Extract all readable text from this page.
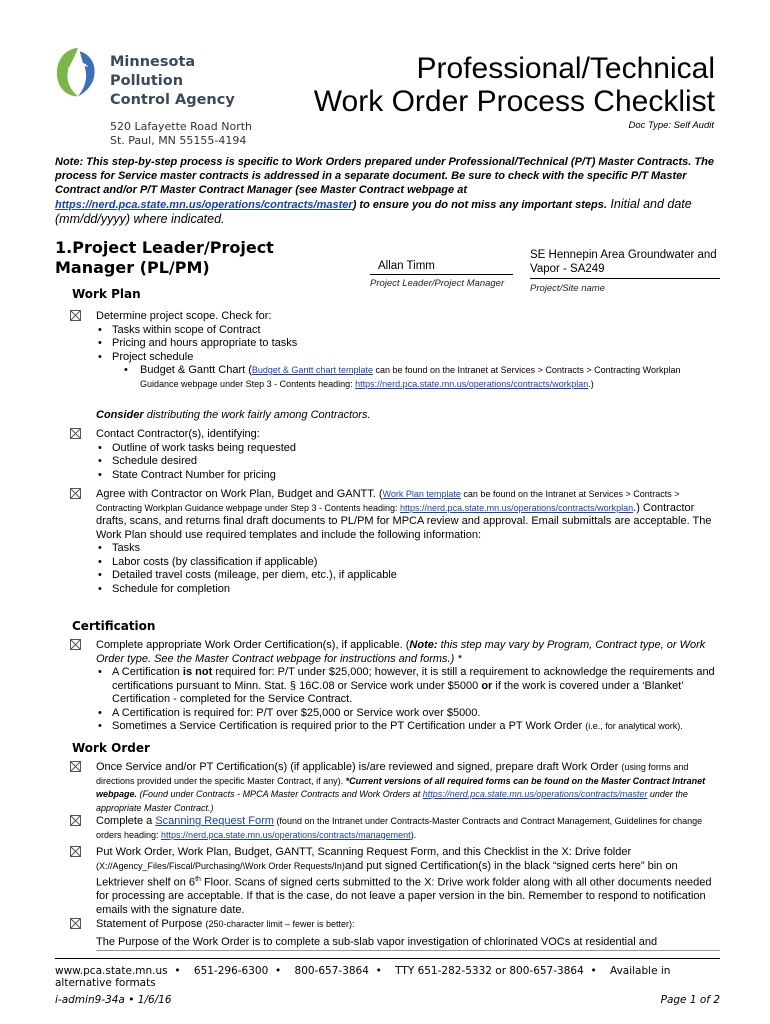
Minnesota Pollution
Control Agency
520 Lafayette Road North
St. Paul, MN 55155-4194
Professional/Technical
Work Order Process Checklist
Doc Type: Self Audit
Note: This step-by-step process is specific to Work Orders prepared under Professional/Technical (P/T) Master Contracts. The process for Service master contracts is addressed in a separate document. Be sure to check with the specific P/T Master Contract and/or P/T Master Contract Manager (see Master Contract webpage at https://nerd.pca.state.mn.us/operations/contracts/master) to ensure you do not miss any important steps. Initial and date (mm/dd/yyyy) where indicated.
1.Project Leader/Project Manager (PL/PM)	Allan Timm
Project Leader/Project Manager
SE Hennepin Area Groundwater and Vapor - SA249
Project/Site name
Work Plan
Determine project scope. Check for:
• Tasks within scope of Contract
• Pricing and hours appropriate to tasks
• Project schedule
• Budget & Gantt Chart (Budget & Gantt chart template can be found on the Intranet at Services > Contracts > Contracting Workplan Guidance webpage under Step 3 - Contents heading: https://nerd.pca.state.mn.us/operations/contracts/workplan.)
Consider distributing the work fairly among Contractors.
Contact Contractor(s), identifying:
• Outline of work tasks being requested
• Schedule desired
• State Contract Number for pricing
Agree with Contractor on Work Plan, Budget and GANTT. (Work Plan template can be found on the Intranet at Services > Contracts > Contracting Workplan Guidance webpage under Step 3 - Contents heading: https://nerd.pca.state.mn.us/operations/contracts/workplan.) Contractor drafts, scans, and returns final draft documents to PL/PM for MPCA review and approval. Email submittals are acceptable. The Work Plan should use required templates and include the following information:
• Tasks
• Labor costs (by classification if applicable)
• Detailed travel costs (mileage, per diem, etc.), if applicable
• Schedule for completion
Certification
Complete appropriate Work Order Certification(s), if applicable. (Note: this step may vary by Program, Contract type, or Work Order type. See the Master Contract webpage for instructions and forms.) *
• A Certification is not required for: P/T under $25,000; however, it is still a requirement to acknowledge the requirements and certifications pursuant to Minn. Stat. § 16C.08 or Service work under $5000 or if the work is covered under a ‘Blanket’ Certification - completed for the Service Contract.
• A Certification is required for: P/T over $25,000 or Service work over $5000.
• Sometimes a Service Certification is required prior to the PT Certification under a PT Work Order (i.e., for analytical work).
Work Order
Once Service and/or PT Certification(s) (if applicable) is/are reviewed and signed, prepare draft Work Order (using forms and directions provided under the specific Master Contract, if any). *Current versions of all required forms can be found on the Master Contract Intranet webpage. (Found under Contracts - MPCA Master Contracts and Work Orders at https://nerd.pca.state.mn.us/operations/contracts/master under the appropriate Master Contract.)
Complete a Scanning Request Form (found on the Intranet under Contracts-Master Contracts and Contract Management, Guidelines for change orders heading: https://nerd.pca.state.mn.us/operations/contracts/management).
Put Work Order, Work Plan, Budget, GANTT, Scanning Request Form, and this Checklist in the X: Drive folder (X://Agency_Files/Fiscal/Purchasing/\Work Order Requests/In)and put signed Certification(s) in the black “signed certs here” bin on Lektriever shelf on 6th Floor. Scans of signed certs submitted to the X: Drive work folder along with all other documents needed for processing are acceptable. If that is the case, do not leave a paper version in the bin. Remember to respond to notification emails with the signature date.
Statement of Purpose (250-character limit – fewer is better):
The Purpose of the Work Order is to complete a sub-slab vapor investigation of chlorinated VOCs at residential and
www.pca.state.mn.us • 651-296-6300 • 800-657-3864 • TTY 651-282-5332 or 800-657-3864 • Available in alternative formats
i-admin9-34a • 1/6/16	Page 1 of 2
